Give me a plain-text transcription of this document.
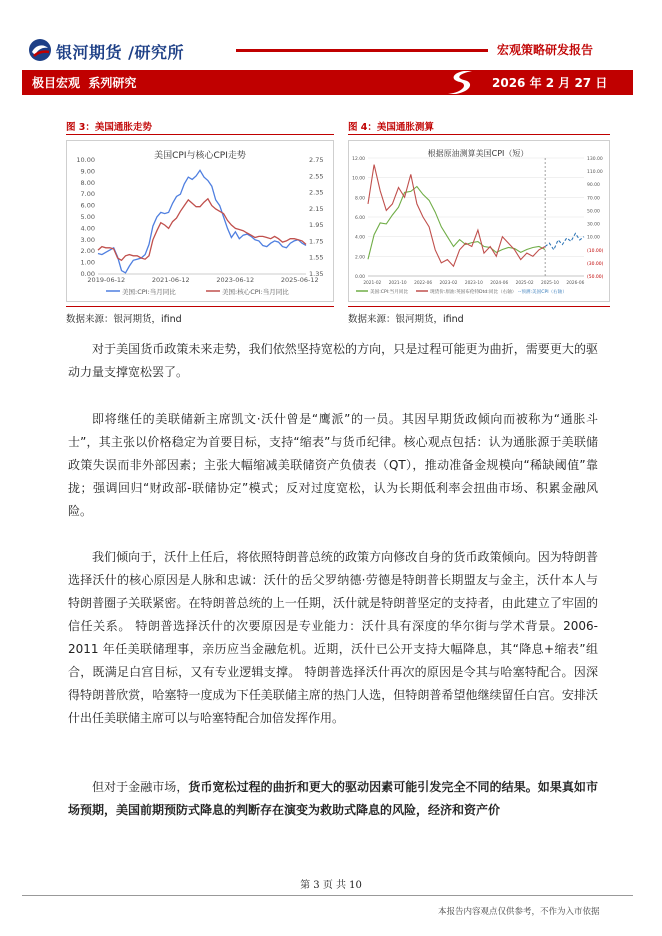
银河期货 /研究所	宏观策略研发报告
极目宏观  系列研究	2026 年 2 月 27 日
图 3：美国通胀走势
美国CPI与核心CPI走势
0.00
1.00
2.00
3.00
4.00
5.00
6.00
7.00
8.00
9.00
10.00
1.35
1.55
1.75
1.95
2.15
2.35
2.55
2.75
2019-06-12	2021-06-12	2023-06-12	2025-06-12
美国:CPI:当月同比	美国:核心CPI:当月同比
数据来源：银河期货，ifind
图 4：美国通胀测算
根据原油测算美国CPI（短）
0.00
2.00
4.00
6.00
8.00
10.00
12.00
(50.00)
(30.00)
(10.00)
10.00
30.00
50.00
70.00
90.00
110.00
130.00
2021-02 2021-10 2022-06 2023-02 2023-10 2024-06 2025-02 2025-10 2026-06
美国:CPI:当月同比	现货价:原油:英国布伦特Dtd:同比（右轴） --预测:美国CPI（右轴）
数据来源：银河期货，ifind

对于美国货币政策未来走势，我们依然坚持宽松的方向，只是过程可能更为曲折，需要更大的驱动力量支撑宽松罢了。

即将继任的美联储新主席凯文·沃什曾是“鹰派”的一员。其因早期货政倾向而被称为“通胀斗士”，其主张以价格稳定为首要目标，支持“缩表”与货币纪律。核心观点包括：认为通胀源于美联储政策失误而非外部因素；主张大幅缩减美联储资产负债表（QT），推动准备金规模向“稀缺阈值”靠拢；强调回归“财政部-联储协定”模式；反对过度宽松，认为长期低利率会扭曲市场、积累金融风险。

我们倾向于，沃什上任后，将依照特朗普总统的政策方向修改自身的货币政策倾向。因为特朗普选择沃什的核心原因是人脉和忠诚：沃什的岳父罗纳德·劳德是特朗普长期盟友与金主，沃什本人与特朗普圈子关联紧密。在特朗普总统的上一任期，沃什就是特朗普坚定的支持者，由此建立了牢固的信任关系。 特朗普选择沃什的次要原因是专业能力：沃什具有深度的华尔街与学术背景。2006-2011 年任美联储理事，亲历应当金融危机。近期，沃什已公开支持大幅降息，其“降息+缩表”组合，既满足白宫目标，又有专业逻辑支撑。 特朗普选择沃什再次的原因是令其与哈塞特配合。因深得特朗普欣赏，哈塞特一度成为下任美联储主席的热门人选，但特朗普希望他继续留任白宫。安排沃什出任美联储主席可以与哈塞特配合加倍发挥作用。

但对于金融市场，货币宽松过程的曲折和更大的驱动因素可能引发完全不同的结果。如果真如市场预期，美国前期预防式降息的判断存在演变为救助式降息的风险，经济和资产价

第 3 页 共 10
本报告内容观点仅供参考，不作为入市依据
